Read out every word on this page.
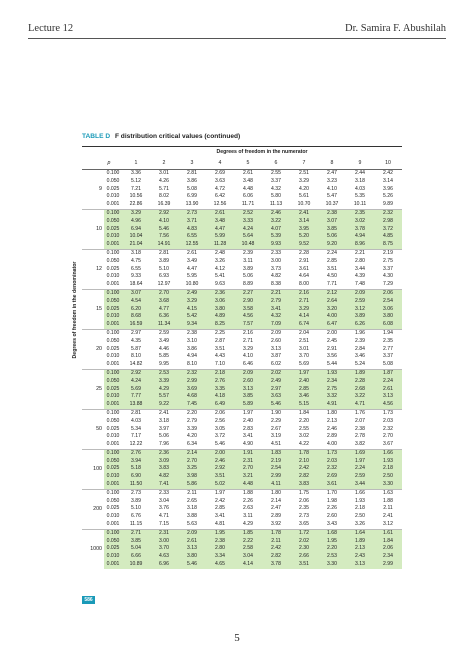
Lecture 12	Dr. Samira F. Abushilah
TABLE D F distribution critical values (continued)
Degrees of freedom in the denominator
Degrees of freedom in the numerator
p	1	2	3	4	5	6	7	8	9	10
9
0.100	3.36	3.01	2.81	2.69	2.61	2.55	2.51	2.47	2.44	2.42
0.050	5.12	4.26	3.86	3.63	3.48	3.37	3.29	3.23	3.18	3.14
0.025	7.21	5.71	5.08	4.72	4.48	4.32	4.20	4.10	4.03	3.96
0.010	10.56	8.02	6.99	6.42	6.06	5.80	5.61	5.47	5.35	5.26
0.001	22.86	16.39	13.90	12.56	11.71	11.13	10.70	10.37	10.11	9.89
10
0.100	3.29	2.92	2.73	2.61	2.52	2.46	2.41	2.38	2.35	2.32
0.050	4.96	4.10	3.71	3.48	3.33	3.22	3.14	3.07	3.02	2.98
0.025	6.94	5.46	4.83	4.47	4.24	4.07	3.95	3.85	3.78	3.72
0.010	10.04	7.56	6.55	5.99	5.64	5.39	5.20	5.06	4.94	4.85
0.001	21.04	14.91	12.55	11.28	10.48	9.93	9.52	9.20	8.96	8.75
12
0.100	3.18	2.81	2.61	2.48	2.39	2.33	2.28	2.24	2.21	2.19
0.050	4.75	3.89	3.49	3.26	3.11	3.00	2.91	2.85	2.80	2.75
0.025	6.55	5.10	4.47	4.12	3.89	3.73	3.61	3.51	3.44	3.37
0.010	9.33	6.93	5.95	5.41	5.06	4.82	4.64	4.50	4.39	4.30
0.001	18.64	12.97	10.80	9.63	8.89	8.38	8.00	7.71	7.48	7.29
15
0.100	3.07	2.70	2.49	2.36	2.27	2.21	2.16	2.12	2.09	2.06
0.050	4.54	3.68	3.29	3.06	2.90	2.79	2.71	2.64	2.59	2.54
0.025	6.20	4.77	4.15	3.80	3.58	3.41	3.29	3.20	3.12	3.06
0.010	8.68	6.36	5.42	4.89	4.56	4.32	4.14	4.00	3.89	3.80
0.001	16.59	11.34	9.34	8.25	7.57	7.09	6.74	6.47	6.26	6.08
20
0.100	2.97	2.59	2.38	2.25	2.16	2.09	2.04	2.00	1.96	1.94
0.050	4.35	3.49	3.10	2.87	2.71	2.60	2.51	2.45	2.39	2.35
0.025	5.87	4.46	3.86	3.51	3.29	3.13	3.01	2.91	2.84	2.77
0.010	8.10	5.85	4.94	4.43	4.10	3.87	3.70	3.56	3.46	3.37
0.001	14.82	9.95	8.10	7.10	6.46	6.02	5.69	5.44	5.24	5.08
25
0.100	2.92	2.53	2.32	2.18	2.09	2.02	1.97	1.93	1.89	1.87
0.050	4.24	3.39	2.99	2.76	2.60	2.49	2.40	2.34	2.28	2.24
0.025	5.69	4.29	3.69	3.35	3.13	2.97	2.85	2.75	2.68	2.61
0.010	7.77	5.57	4.68	4.18	3.85	3.63	3.46	3.32	3.22	3.13
0.001	13.88	9.22	7.45	6.49	5.89	5.46	5.15	4.91	4.71	4.56
50
0.100	2.81	2.41	2.20	2.06	1.97	1.90	1.84	1.80	1.76	1.73
0.050	4.03	3.18	2.79	2.56	2.40	2.29	2.20	2.13	2.07	2.03
0.025	5.34	3.97	3.39	3.05	2.83	2.67	2.55	2.46	2.38	2.32
0.010	7.17	5.06	4.20	3.72	3.41	3.19	3.02	2.89	2.78	2.70
0.001	12.22	7.96	6.34	5.46	4.90	4.51	4.22	4.00	3.82	3.67
100
0.100	2.76	2.36	2.14	2.00	1.91	1.83	1.78	1.73	1.69	1.66
0.050	3.94	3.09	2.70	2.46	2.31	2.19	2.10	2.03	1.97	1.93
0.025	5.18	3.83	3.25	2.92	2.70	2.54	2.42	2.32	2.24	2.18
0.010	6.90	4.82	3.98	3.51	3.21	2.99	2.82	2.69	2.59	2.50
0.001	11.50	7.41	5.86	5.02	4.48	4.11	3.83	3.61	3.44	3.30
200
0.100	2.73	2.33	2.11	1.97	1.88	1.80	1.75	1.70	1.66	1.63
0.050	3.89	3.04	2.65	2.42	2.26	2.14	2.06	1.98	1.93	1.88
0.025	5.10	3.76	3.18	2.85	2.63	2.47	2.35	2.26	2.18	2.11
0.010	6.76	4.71	3.88	3.41	3.11	2.89	2.73	2.60	2.50	2.41
0.001	11.15	7.15	5.63	4.81	4.29	3.92	3.65	3.43	3.26	3.12
1000
0.100	2.71	2.31	2.09	1.95	1.85	1.78	1.72	1.68	1.64	1.61
0.050	3.85	3.00	2.61	2.38	2.22	2.11	2.02	1.95	1.89	1.84
0.025	5.04	3.70	3.13	2.80	2.58	2.42	2.30	2.20	2.13	2.06
0.010	6.66	4.63	3.80	3.34	3.04	2.82	2.66	2.53	2.43	2.34
0.001	10.89	6.96	5.46	4.65	4.14	3.78	3.51	3.30	3.13	2.99
586
5
